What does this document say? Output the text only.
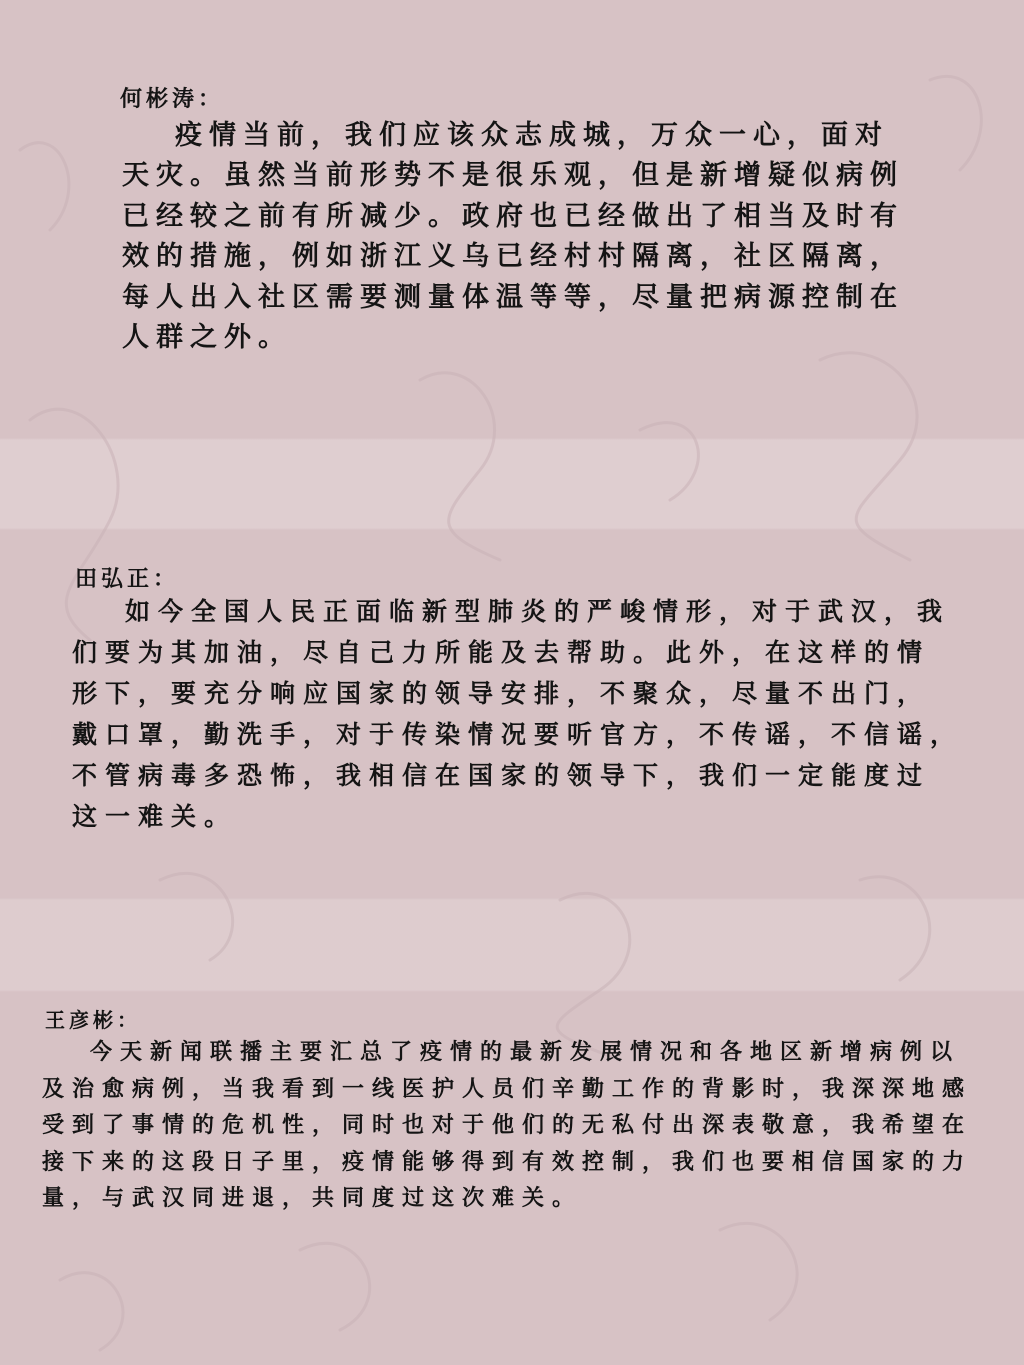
何彬涛：
疫情当前，我们应该众志成城，万众一心，面对
天灾。虽然当前形势不是很乐观，但是新增疑似病例
已经较之前有所减少。政府也已经做出了相当及时有
效的措施，例如浙江义乌已经村村隔离，社区隔离，
每人出入社区需要测量体温等等，尽量把病源控制在
人群之外。
田弘正：
如今全国人民正面临新型肺炎的严峻情形，对于武汉，我
们要为其加油，尽自己力所能及去帮助。此外，在这样的情
形下，要充分响应国家的领导安排，不聚众，尽量不出门，
戴口罩，勤洗手，对于传染情况要听官方，不传谣，不信谣，
不管病毒多恐怖，我相信在国家的领导下，我们一定能度过
这一难关。
王彦彬：
今天新闻联播主要汇总了疫情的最新发展情况和各地区新增病例以
及治愈病例，当我看到一线医护人员们辛勤工作的背影时，我深深地感
受到了事情的危机性，同时也对于他们的无私付出深表敬意，我希望在
接下来的这段日子里，疫情能够得到有效控制，我们也要相信国家的力
量，与武汉同进退，共同度过这次难关。
